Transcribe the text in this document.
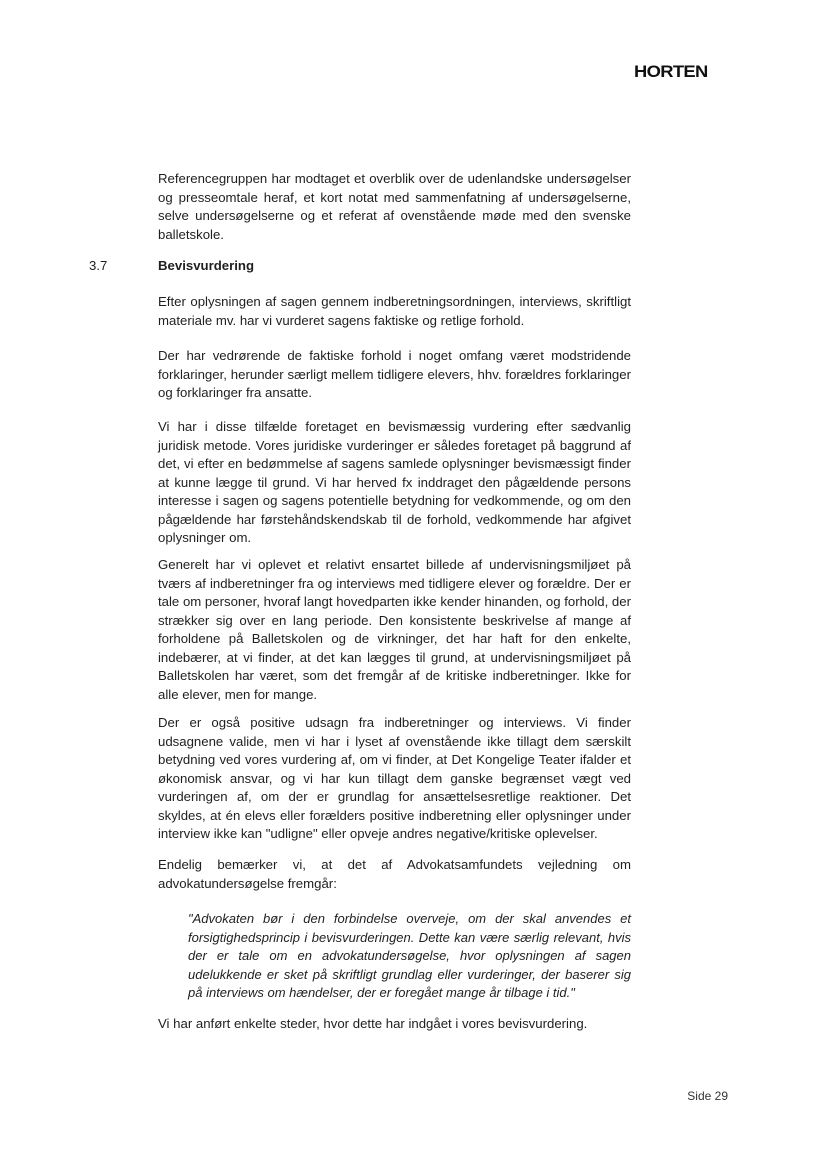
HORTEN

Referencegruppen har modtaget et overblik over de udenlandske undersøgelser og presseomtale heraf, et kort notat med sammenfatning af undersøgelserne, selve undersøgelserne og et referat af ovenstående møde med den svenske balletskole.

3.7	Bevisvurdering

Efter oplysningen af sagen gennem indberetningsordningen, interviews, skriftligt materiale mv. har vi vurderet sagens faktiske og retlige forhold.

Der har vedrørende de faktiske forhold i noget omfang været modstridende forklaringer, herunder særligt mellem tidligere elevers, hhv. forældres forklaringer og forklaringer fra ansatte.

Vi har i disse tilfælde foretaget en bevismæssig vurdering efter sædvanlig juridisk metode. Vores juridiske vurderinger er således foretaget på baggrund af det, vi efter en bedømmelse af sagens samlede oplysninger bevismæssigt finder at kunne lægge til grund. Vi har herved fx inddraget den pågældende persons interesse i sagen og sagens potentielle betydning for vedkommende, og om den pågældende har førstehåndskendskab til de forhold, vedkommende har afgivet oplysninger om.

Generelt har vi oplevet et relativt ensartet billede af undervisningsmiljøet på tværs af indberetninger fra og interviews med tidligere elever og forældre. Der er tale om personer, hvoraf langt hovedparten ikke kender hinanden, og forhold, der strækker sig over en lang periode. Den konsistente beskrivelse af mange af forholdene på Balletskolen og de virkninger, det har haft for den enkelte, indebærer, at vi finder, at det kan lægges til grund, at undervisningsmiljøet på Balletskolen har været, som det fremgår af de kritiske indberetninger. Ikke for alle elever, men for mange.

Der er også positive udsagn fra indberetninger og interviews. Vi finder udsagnene valide, men vi har i lyset af ovenstående ikke tillagt dem særskilt betydning ved vores vurdering af, om vi finder, at Det Kongelige Teater ifalder et økonomisk ansvar, og vi har kun tillagt dem ganske begrænset vægt ved vurderingen af, om der er grundlag for ansættelsesretlige reaktioner. Det skyldes, at én elevs eller forælders positive indberetning eller oplysninger under interview ikke kan "udligne" eller opveje andres negative/kritiske oplevelser.

Endelig bemærker vi, at det af Advokatsamfundets vejledning om advokatundersøgelse fremgår:

"Advokaten bør i den forbindelse overveje, om der skal anvendes et forsigtighedsprincip i bevisvurderingen. Dette kan være særlig relevant, hvis der er tale om en advokatundersøgelse, hvor oplysningen af sagen udelukkende er sket på skriftligt grundlag eller vurderinger, der baserer sig på interviews om hændelser, der er foregået mange år tilbage i tid."
Vi har anført enkelte steder, hvor dette har indgået i vores bevisvurdering.
Side 29
